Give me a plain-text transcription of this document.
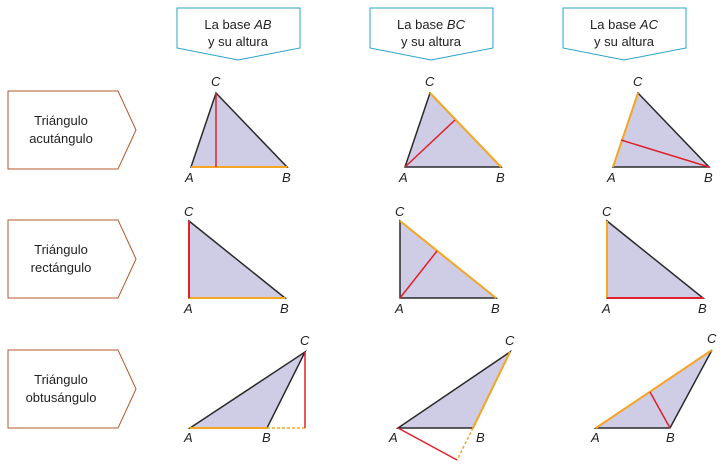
La base AB
y su altura
La base BC
y su altura
La base AC
y su altura
Triángulo
acutángulo
Triángulo
rectángulo
Triángulo
obtusángulo
C
A	B
C
A	B
C
A	B
C
A	B
C
A	B
C
A	B
C
A	B
C
A	B
C
A	B
